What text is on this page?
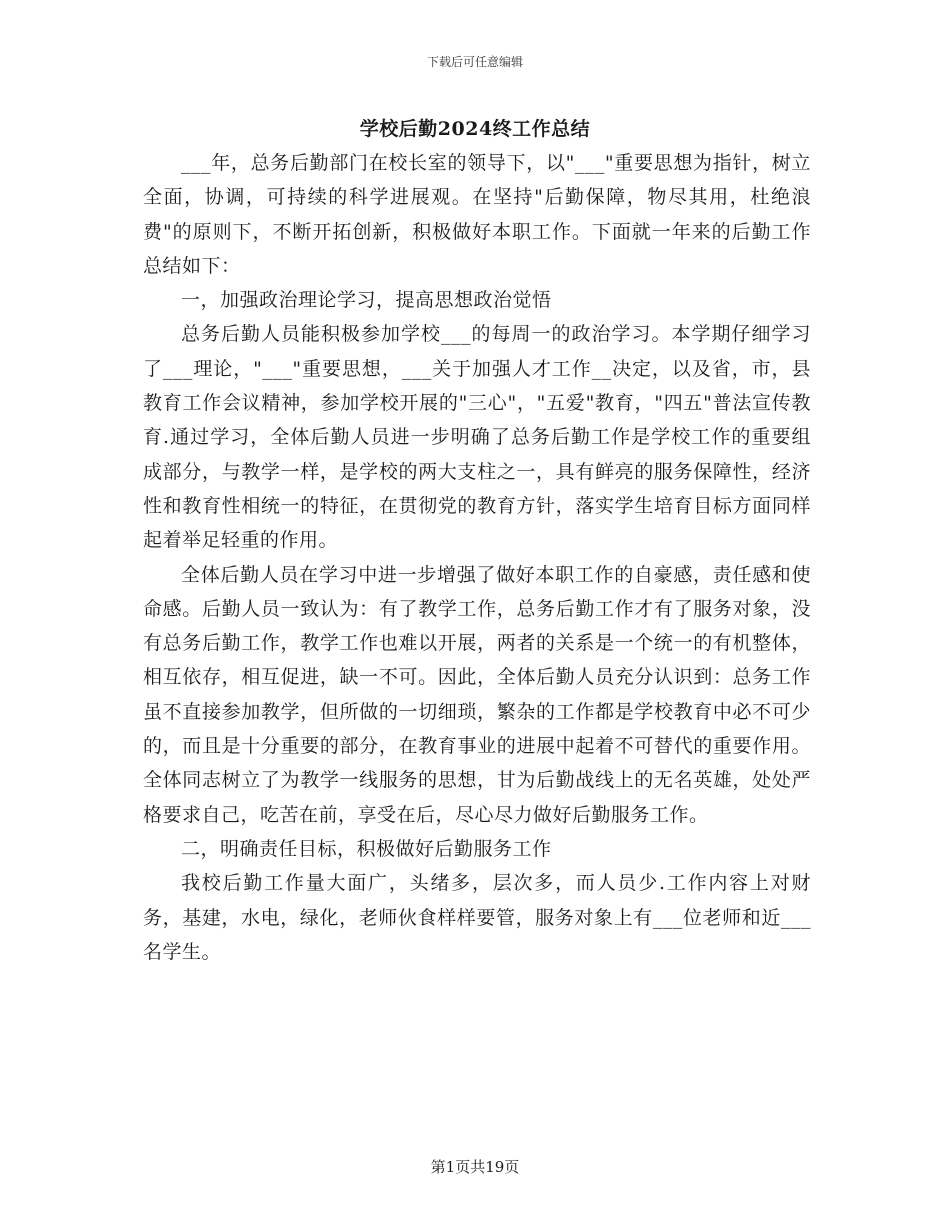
下载后可任意编辑
学校后勤2024终工作总结

___年，总务后勤部门在校长室的领导下，以"___"重要思想为指针，树立全面，协调，可持续的科学进展观。在坚持"后勤保障，物尽其用，杜绝浪费"的原则下，不断开拓创新，积极做好本职工作。下面就一年来的后勤工作总结如下：

一，加强政治理论学习，提高思想政治觉悟

总务后勤人员能积极参加学校___的每周一的政治学习。本学期仔细学习了___理论，"___"重要思想，___关于加强人才工作__决定，以及省，市，县教育工作会议精神，参加学校开展的"三心"，"五爱"教育，"四五"普法宣传教育.通过学习，全体后勤人员进一步明确了总务后勤工作是学校工作的重要组成部分，与教学一样，是学校的两大支柱之一，具有鲜亮的服务保障性，经济性和教育性相统一的特征，在贯彻党的教育方针，落实学生培育目标方面同样起着举足轻重的作用。

全体后勤人员在学习中进一步增强了做好本职工作的自豪感，责任感和使命感。后勤人员一致认为：有了教学工作，总务后勤工作才有了服务对象，没有总务后勤工作，教学工作也难以开展，两者的关系是一个统一的有机整体，相互依存，相互促进，缺一不可。因此，全体后勤人员充分认识到：总务工作虽不直接参加教学，但所做的一切细琐，繁杂的工作都是学校教育中必不可少的，而且是十分重要的部分，在教育事业的进展中起着不可替代的重要作用。全体同志树立了为教学一线服务的思想，甘为后勤战线上的无名英雄，处处严格要求自己，吃苦在前，享受在后，尽心尽力做好后勤服务工作。

二，明确责任目标，积极做好后勤服务工作

我校后勤工作量大面广，头绪多，层次多，而人员少.工作内容上对财务，基建，水电，绿化，老师伙食样样要管，服务对象上有___位老师和近___名学生。

第1页共19页
